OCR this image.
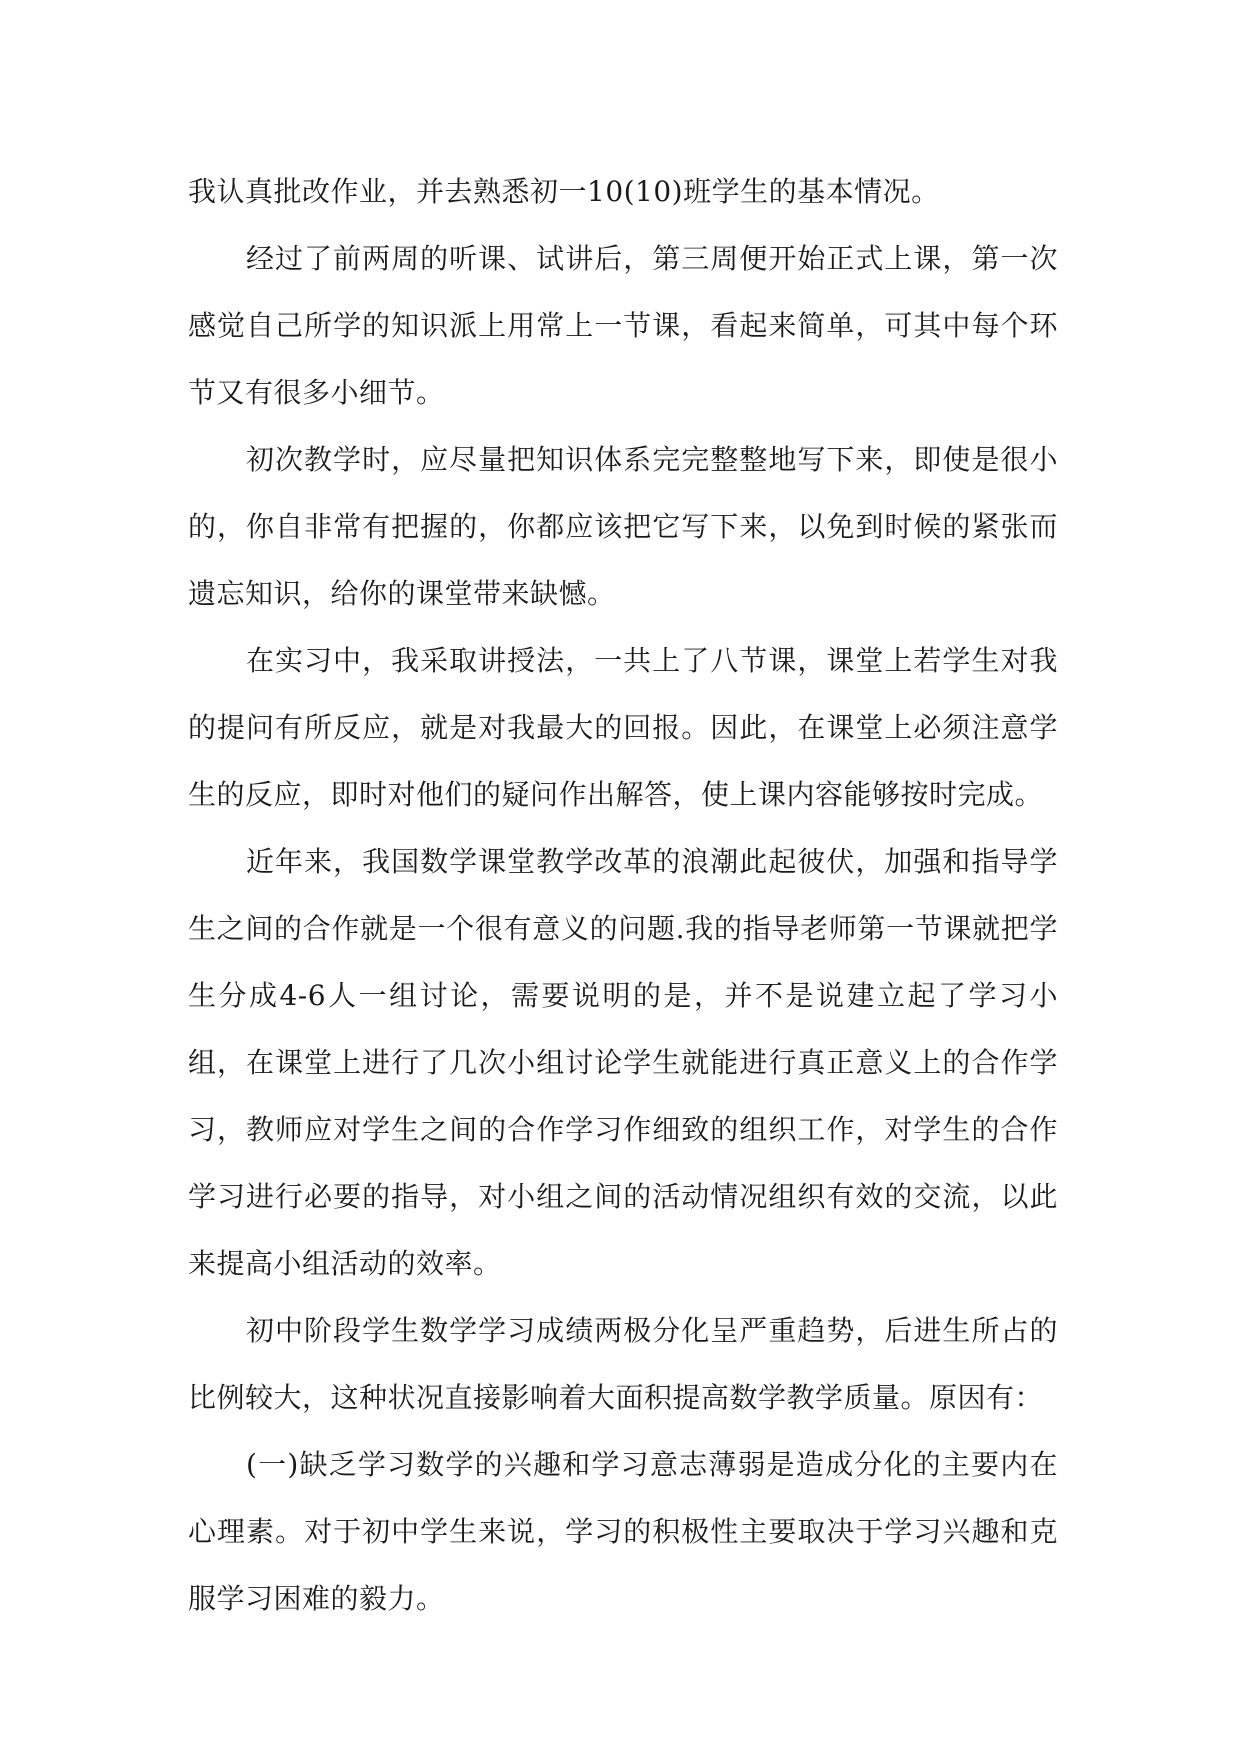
我认真批改作业，并去熟悉初一10(10)班学生的基本情况。

经过了前两周的听课、试讲后，第三周便开始正式上课，第一次感觉自己所学的知识派上用常上一节课，看起来简单，可其中每个环节又有很多小细节。

初次教学时，应尽量把知识体系完完整整地写下来，即使是很小的，你自非常有把握的，你都应该把它写下来，以免到时候的紧张而遗忘知识，给你的课堂带来缺憾。

在实习中，我采取讲授法，一共上了八节课，课堂上若学生对我的提问有所反应，就是对我最大的回报。因此，在课堂上必须注意学生的反应，即时对他们的疑问作出解答，使上课内容能够按时完成。

近年来，我国数学课堂教学改革的浪潮此起彼伏，加强和指导学生之间的合作就是一个很有意义的问题.我的指导老师第一节课就把学生分成4-6人一组讨论，需要说明的是，并不是说建立起了学习小组，在课堂上进行了几次小组讨论学生就能进行真正意义上的合作学习，教师应对学生之间的合作学习作细致的组织工作，对学生的合作学习进行必要的指导，对小组之间的活动情况组织有效的交流，以此来提高小组活动的效率。

初中阶段学生数学学习成绩两极分化呈严重趋势，后进生所占的比例较大，这种状况直接影响着大面积提高数学教学质量。原因有：

(一)缺乏学习数学的兴趣和学习意志薄弱是造成分化的主要内在心理素。对于初中学生来说，学习的积极性主要取决于学习兴趣和克服学习困难的毅力。
